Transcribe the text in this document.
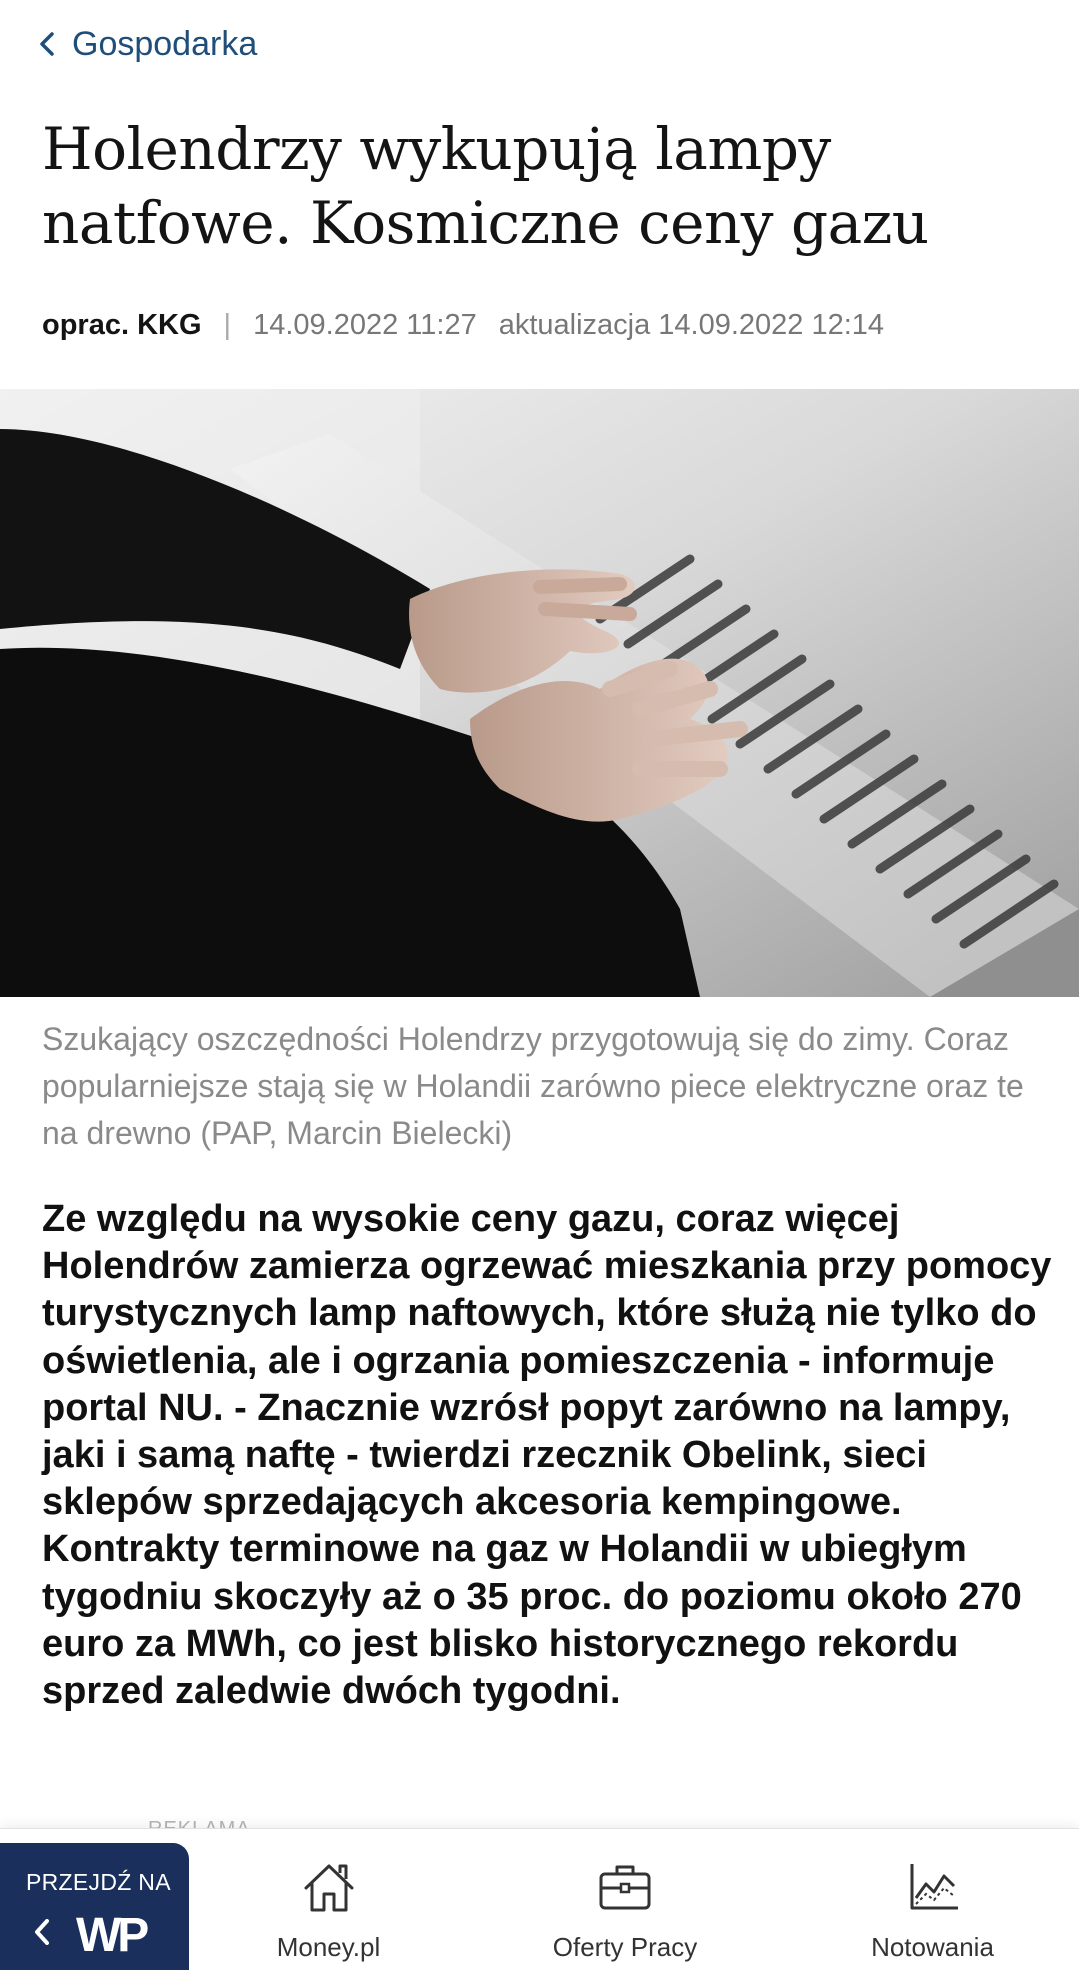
Gospodarka
Holendrzy wykupują lampy natfowe. Kosmiczne ceny gazu
oprac. KKG | 14.09.2022 11:27 aktualizacja 14.09.2022 12:14

Szukający oszczędności Holendrzy przygotowują się do zimy. Coraz popularniejsze stają się w Holandii zarówno piece elektryczne oraz te na drewno (PAP, Marcin Bielecki)

Ze względu na wysokie ceny gazu, coraz więcej Holendrów zamierza ogrzewać mieszkania przy pomocy turystycznych lamp naftowych, które służą nie tylko do oświetlenia, ale i ogrzania pomieszczenia - informuje portal NU. - Znacznie wzrósł popyt zarówno na lampy, jaki i samą naftę - twierdzi rzecznik Obelink, sieci sklepów sprzedających akcesoria kempingowe. Kontrakty terminowe na gaz w Holandii w ubiegłym tygodniu skoczyły aż o 35 proc. do poziomu około 270 euro za MWh, co jest blisko historycznego rekordu sprzed zaledwie dwóch tygodni.

PRZEJDŹ NA
WP	Money.pl	Oferty Pracy	Notowania
